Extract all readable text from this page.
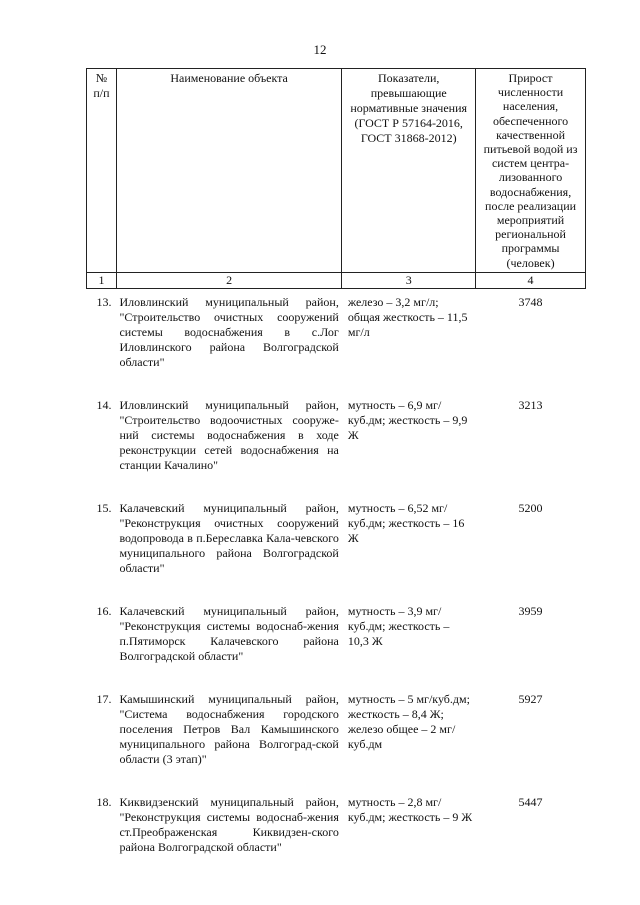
12
№ п/п	Наименование объекта	Показатели, превышающие нормативные значения (ГОСТ Р 57164-2016, ГОСТ 31868-2012)	Прирост численности населения, обеспеченного качественной питьевой водой из систем центра-лизованного водоснабжения, после реализации мероприятий региональной программы (человек)
1	2	3	4

13.	Иловлинский муниципальный район, "Строительство очистных сооружений системы водоснабжения в с.Лог Иловлинского района Волгоградской области"	железо – 3,2 мг/л; общая жесткость – 11,5 мг/л	3748

14.	Иловлинский муниципальный район, "Строительство водоочистных сооруже-ний системы водоснабжения в ходе реконструкции сетей водоснабжения на станции Качалино"	мутность – 6,9 мг/куб.дм; жесткость – 9,9 Ж	3213

15.	Калачевский муниципальный район, "Реконструкция очистных сооружений водопровода в п.Береславка Кала-чевского муниципального района Волгоградской области"	мутность – 6,52 мг/куб.дм; жесткость – 16 Ж	5200

16.	Калачевский муниципальный район, "Реконструкция системы водоснаб-жения п.Пятиморск Калачевского района Волгоградской области"	мутность – 3,9 мг/куб.дм; жесткость – 10,3 Ж	3959

17.	Камышинский муниципальный район, "Система водоснабжения городского поселения Петров Вал Камышинского муниципального района Волгоград-ской области (3 этап)"	мутность – 5 мг/куб.дм; жесткость – 8,4 Ж; железо общее – 2 мг/куб.дм	5927

18.	Киквидзенский муниципальный район, "Реконструкция системы водоснаб-жения ст.Преображенская Киквидзен-ского района Волгоградской области"	мутность – 2,8 мг/куб.дм; жесткость – 9 Ж	5447
